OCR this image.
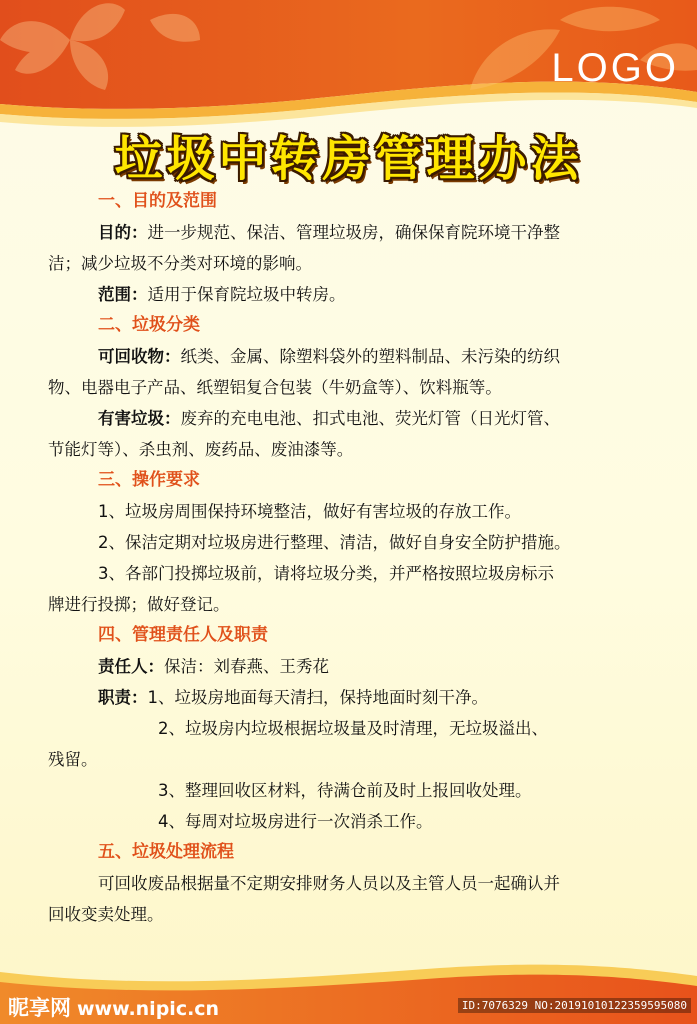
LOGO
垃圾中转房管理办法
一、目的及范围
目的：进一步规范、保洁、管理垃圾房，确保保育院环境干净整
洁；减少垃圾不分类对环境的影响。
范围：适用于保育院垃圾中转房。
二、垃圾分类
可回收物：纸类、金属、除塑料袋外的塑料制品、未污染的纺织
物、电器电子产品、纸塑铝复合包装（牛奶盒等）、饮料瓶等。
有害垃圾：废弃的充电电池、扣式电池、荧光灯管（日光灯管、
节能灯等）、杀虫剂、废药品、废油漆等。
三、操作要求
1、垃圾房周围保持环境整洁，做好有害垃圾的存放工作。
2、保洁定期对垃圾房进行整理、清洁，做好自身安全防护措施。
3、各部门投掷垃圾前，请将垃圾分类，并严格按照垃圾房标示
牌进行投掷；做好登记。
四、管理责任人及职责
责任人：保洁：刘春燕、王秀花
职责：1、垃圾房地面每天清扫，保持地面时刻干净。
2、垃圾房内垃圾根据垃圾量及时清理，无垃圾溢出、
残留。
3、整理回收区材料，待满仓前及时上报回收处理。
4、每周对垃圾房进行一次消杀工作。
五、垃圾处理流程
可回收废品根据量不定期安排财务人员以及主管人员一起确认并
回收变卖处理。
昵享网 www.nipic.cn	ID:7076329 NO:20191010122359595080
